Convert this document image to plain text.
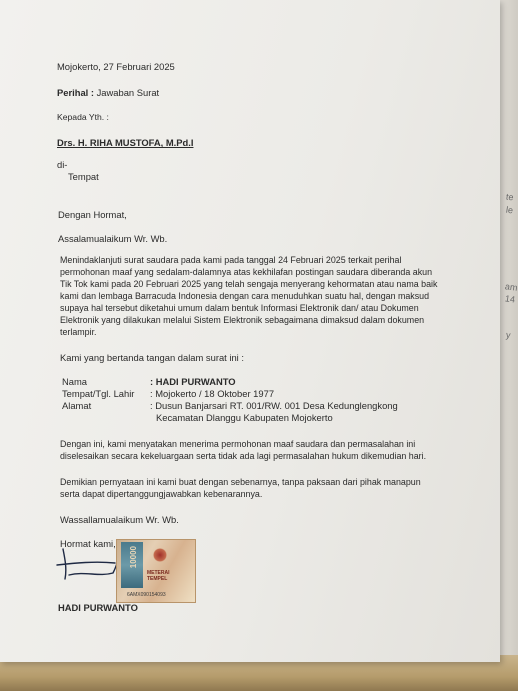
te
le
am
14
y
Mojokerto, 27 Februari 2025
Perihal : Jawaban Surat
Kepada Yth. :
Drs. H. RIHA MUSTOFA, M.Pd.I
di-
Tempat
Dengan Hormat,
Assalamualaikum Wr. Wb.
Menindaklanjuti surat saudara pada kami pada tanggal 24 Februari 2025 terkait perihal
permohonan maaf yang sedalam-dalamnya atas kekhilafan postingan saudara diberanda akun
Tik Tok kami pada 20 Februari 2025 yang telah sengaja menyerang kehormatan atau nama baik
kami dan lembaga Barracuda Indonesia dengan cara menuduhkan suatu hal, dengan maksud
supaya hal tersebut diketahui umum dalam bentuk Informasi Elektronik dan/ atau Dokumen
Elektronik yang dilakukan melalui Sistem Elektronik sebagaimana dimaksud dalam dokumen
terlampir.
Kami yang bertanda tangan dalam surat ini :
Nama	: HADI PURWANTO
Tempat/Tgl. Lahir : Mojokerto / 18 Oktober 1977
Alamat	: Dusun Banjarsari RT. 001/RW. 001 Desa Kedunglengkong
Kecamatan Dlanggu Kabupaten Mojokerto
Dengan ini, kami menyatakan menerima permohonan maaf saudara dan permasalahan ini
diselesaikan secara kekeluargaan serta tidak ada lagi permasalahan hukum dikemudian hari.
Demikian pernyataan ini kami buat dengan sebenarnya, tanpa paksaan dari pihak manapun
serta dapat dipertanggungjawabkan kebenarannya.
Wassallamualaikum Wr. Wb.
Hormat kami,
10000
METERAI
TEMPEL
6AMX090154093
HADI PURWANTO
